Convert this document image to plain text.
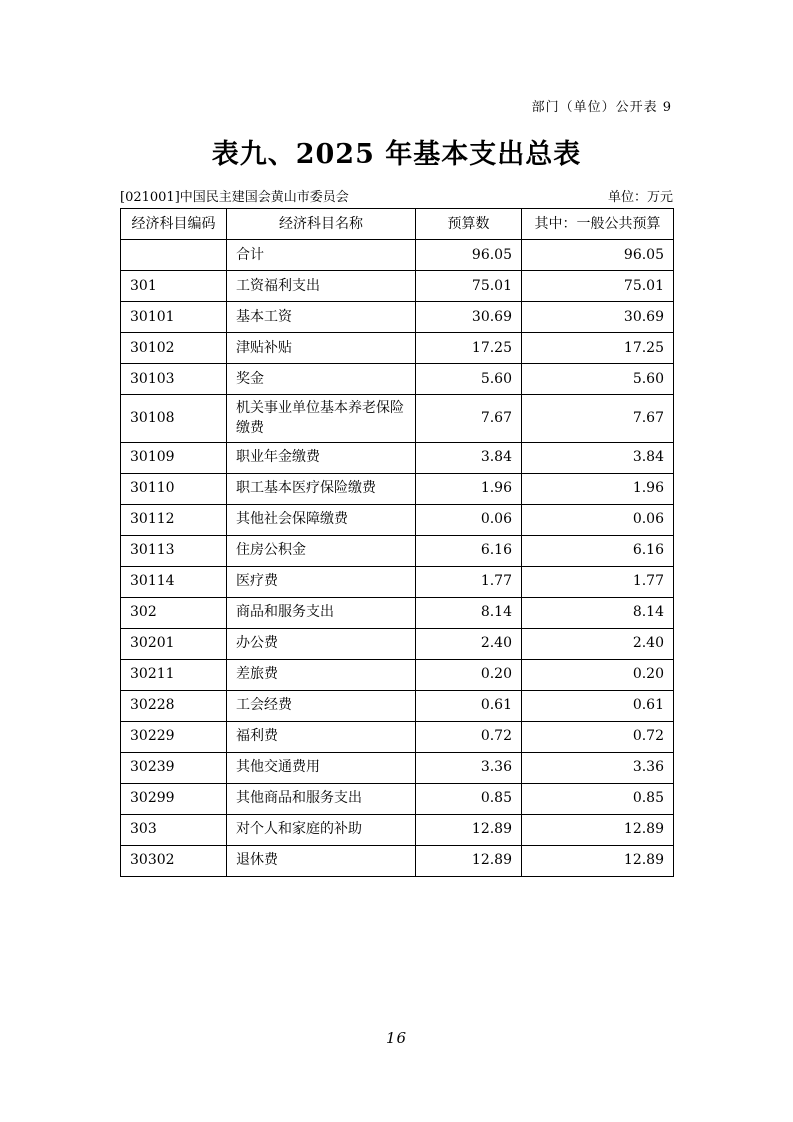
部门（单位）公开表 9
表九、2025 年基本支出总表
[021001]中国民主建国会黄山市委员会	单位：万元
经济科目编码	经济科目名称	预算数	其中：一般公共预算
	合计	96.05	96.05
301	工资福利支出	75.01	75.01
30101	基本工资	30.69	30.69
30102	津贴补贴	17.25	17.25
30103	奖金	5.60	5.60
30108	机关事业单位基本养老保险缴费	7.67	7.67
30109	职业年金缴费	3.84	3.84
30110	职工基本医疗保险缴费	1.96	1.96
30112	其他社会保障缴费	0.06	0.06
30113	住房公积金	6.16	6.16
30114	医疗费	1.77	1.77
302	商品和服务支出	8.14	8.14
30201	办公费	2.40	2.40
30211	差旅费	0.20	0.20
30228	工会经费	0.61	0.61
30229	福利费	0.72	0.72
30239	其他交通费用	3.36	3.36
30299	其他商品和服务支出	0.85	0.85
303	对个人和家庭的补助	12.89	12.89
30302	退休费	12.89	12.89
16
